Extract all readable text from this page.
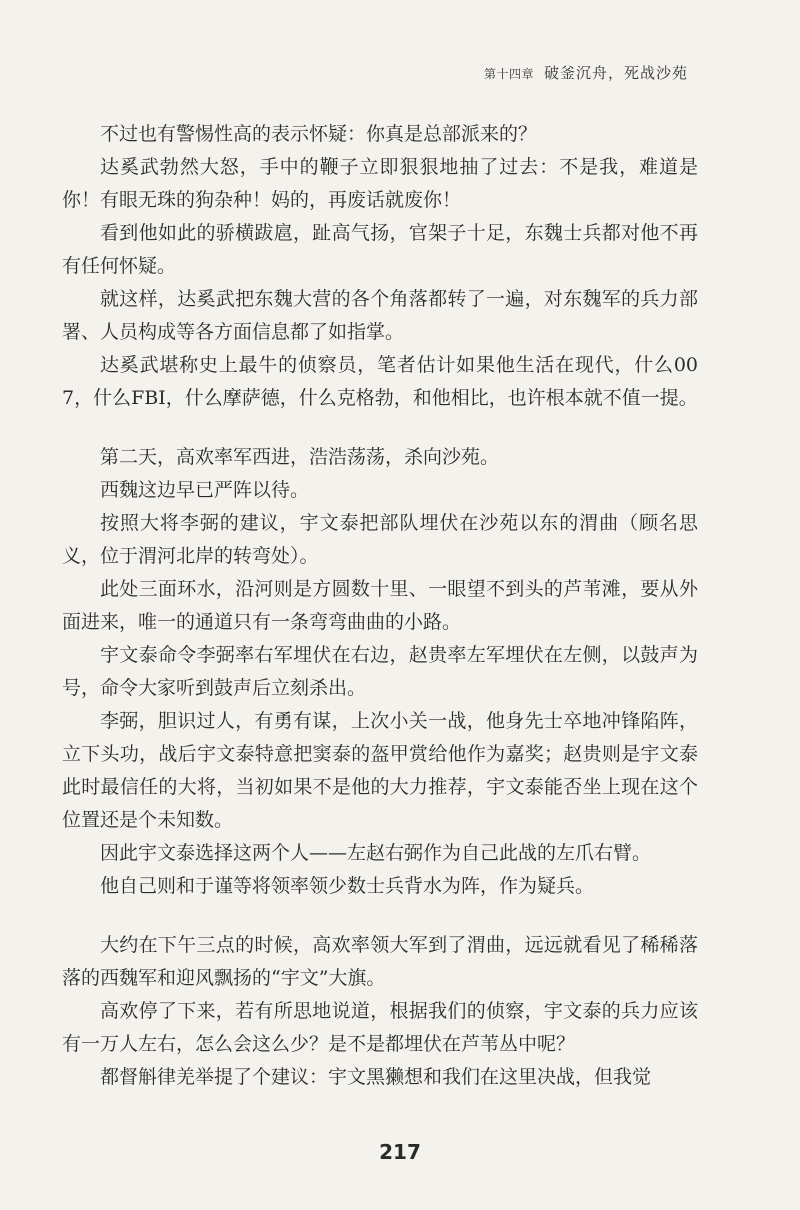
第十四章 破釜沉舟，死战沙苑

不过也有警惕性高的表示怀疑：你真是总部派来的？

达奚武勃然大怒，手中的鞭子立即狠狠地抽了过去：不是我，难道是你！有眼无珠的狗杂种！妈的，再废话就废你！

看到他如此的骄横跋扈，趾高气扬，官架子十足，东魏士兵都对他不再有任何怀疑。

就这样，达奚武把东魏大营的各个角落都转了一遍，对东魏军的兵力部署、人员构成等各方面信息都了如指掌。

达奚武堪称史上最牛的侦察员，笔者估计如果他生活在现代，什么007，什么FBI，什么摩萨德，什么克格勃，和他相比，也许根本就不值一提。

第二天，高欢率军西进，浩浩荡荡，杀向沙苑。

西魏这边早已严阵以待。

按照大将李弼的建议，宇文泰把部队埋伏在沙苑以东的渭曲（顾名思义，位于渭河北岸的转弯处）。

此处三面环水，沿河则是方圆数十里、一眼望不到头的芦苇滩，要从外面进来，唯一的通道只有一条弯弯曲曲的小路。

宇文泰命令李弼率右军埋伏在右边，赵贵率左军埋伏在左侧，以鼓声为号，命令大家听到鼓声后立刻杀出。

李弼，胆识过人，有勇有谋，上次小关一战，他身先士卒地冲锋陷阵，立下头功，战后宇文泰特意把窦泰的盔甲赏给他作为嘉奖；赵贵则是宇文泰此时最信任的大将，当初如果不是他的大力推荐，宇文泰能否坐上现在这个位置还是个未知数。

因此宇文泰选择这两个人——左赵右弼作为自己此战的左爪右臂。

他自己则和于谨等将领率领少数士兵背水为阵，作为疑兵。

大约在下午三点的时候，高欢率领大军到了渭曲，远远就看见了稀稀落落的西魏军和迎风飘扬的“宇文”大旗。

高欢停了下来，若有所思地说道，根据我们的侦察，宇文泰的兵力应该有一万人左右，怎么会这么少？是不是都埋伏在芦苇丛中呢？

都督斛律羌举提了个建议：宇文黑獭想和我们在这里决战，但我觉

217
